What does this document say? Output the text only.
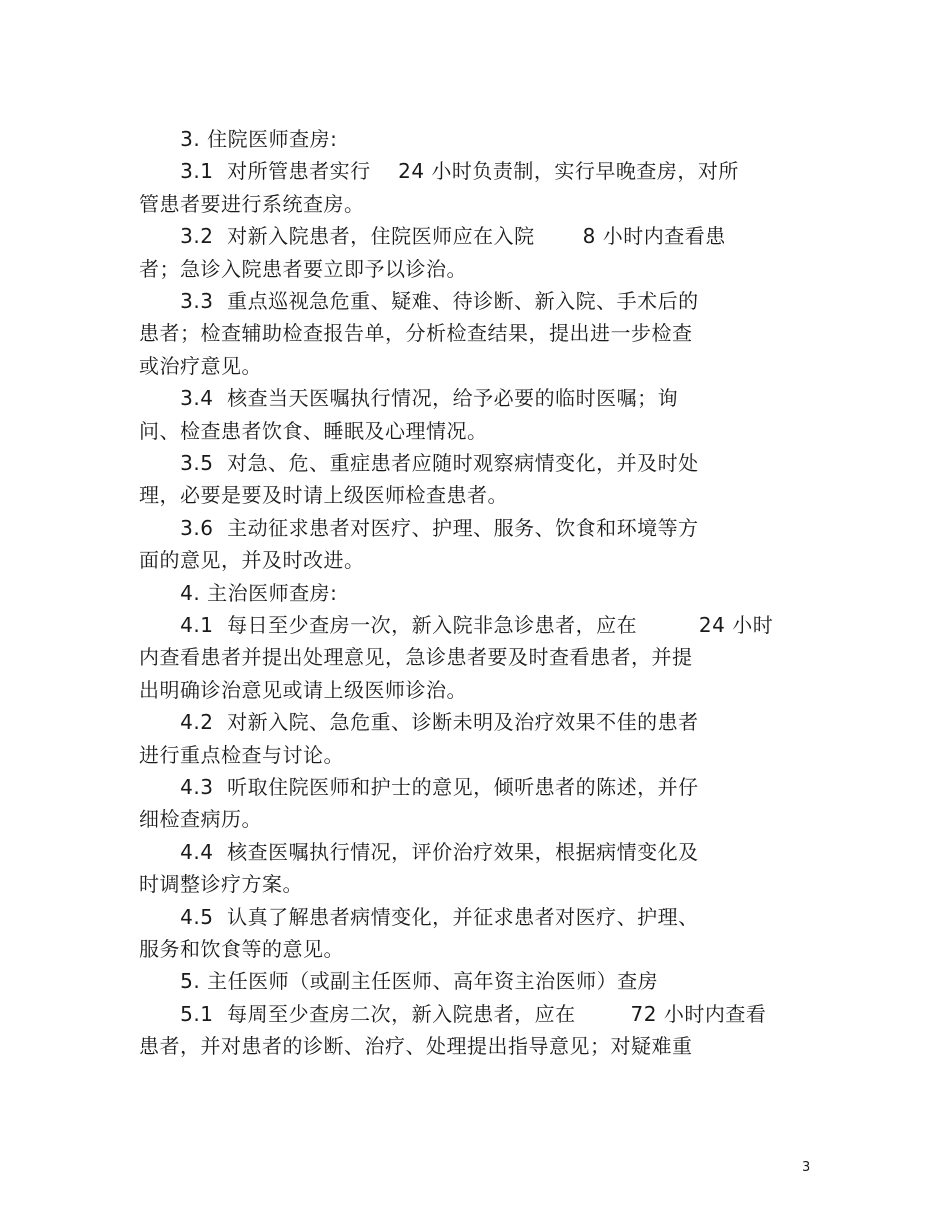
3. 住院医师查房:
3.1  对所管患者实行    24 小时负责制，实行早晚查房，对所
管患者要进行系统查房。
3.2  对新入院患者，住院医师应在入院       8 小时内查看患
者；急诊入院患者要立即予以诊治。
3.3  重点巡视急危重、疑难、待诊断、新入院、手术后的
患者；检查辅助检查报告单，分析检查结果，提出进一步检查
或治疗意见。
3.4  核查当天医嘱执行情况，给予必要的临时医嘱；询
问、检查患者饮食、睡眠及心理情况。
3.5  对急、危、重症患者应随时观察病情变化，并及时处
理，必要是要及时请上级医师检查患者。
3.6  主动征求患者对医疗、护理、服务、饮食和环境等方
面的意见，并及时改进。
4. 主治医师查房:
4.1  每日至少查房一次，新入院非急诊患者，应在         24 小时
内查看患者并提出处理意见，急诊患者要及时查看患者，并提
出明确诊治意见或请上级医师诊治。
4.2  对新入院、急危重、诊断未明及治疗效果不佳的患者
进行重点检查与讨论。
4.3  听取住院医师和护士的意见，倾听患者的陈述，并仔
细检查病历。
4.4  核查医嘱执行情况，评价治疗效果，根据病情变化及
时调整诊疗方案。
4.5  认真了解患者病情变化，并征求患者对医疗、护理、
服务和饮食等的意见。
5. 主任医师（或副主任医师、高年资主治医师）查房
5.1  每周至少查房二次，新入院患者，应在        72 小时内查看
患者，并对患者的诊断、治疗、处理提出指导意见；对疑难重
3
